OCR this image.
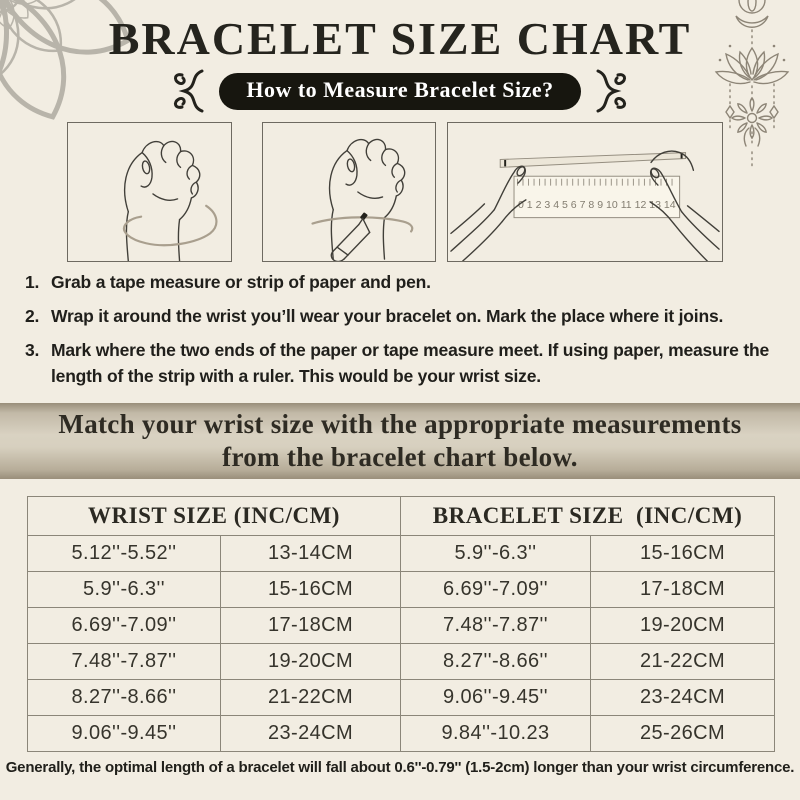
BRACELET SIZE CHART
How to Measure Bracelet Size?
0 1 2 3 4 5 6 7 8 9 10 11 12 13 14
1. Grab a tape measure or strip of paper and pen.
2. Wrap it around the wrist you’ll wear your bracelet on. Mark the place where it joins.
3. Mark where the two ends of the paper or tape measure meet. If using paper, measure the length of the strip with a ruler. This would be your wrist size.
Match your wrist size with the appropriate measurements
from the bracelet chart below.
WRIST SIZE (INC/CM)		BRACELET SIZE  (INC/CM)	
5.12''-5.52''	13-14CM	5.9''-6.3''	15-16CM
5.9''-6.3''	15-16CM	6.69''-7.09''	17-18CM
6.69''-7.09''	17-18CM	7.48''-7.87''	19-20CM
7.48''-7.87''	19-20CM	8.27''-8.66''	21-22CM
8.27''-8.66''	21-22CM	9.06''-9.45''	23-24CM
9.06''-9.45''	23-24CM	9.84''-10.23	25-26CM
Generally, the optimal length of a bracelet will fall about 0.6''-0.79'' (1.5-2cm) longer than your wrist circumference.
